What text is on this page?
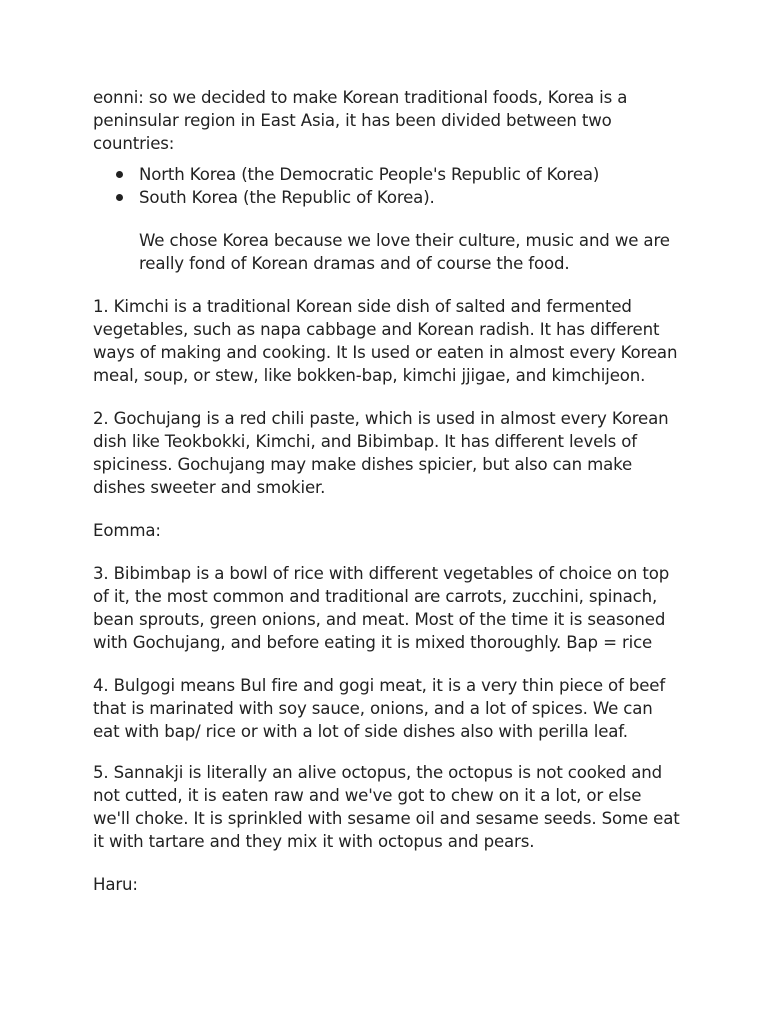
eonni: so we decided to make Korean traditional foods, Korea is a peninsular region in East Asia, it has been divided between two countries:

North Korea (the Democratic People's Republic of Korea)
South Korea (the Republic of Korea).

We chose Korea because we love their culture, music and we are really fond of Korean dramas and of course the food.

1. Kimchi is a traditional Korean side dish of salted and fermented vegetables, such as napa cabbage and Korean radish. It has different ways of making and cooking. It Is used or eaten in almost every Korean meal, soup, or stew, like bokken-bap, kimchi jjigae, and kimchijeon.

2. Gochujang is a red chili paste, which is used in almost every Korean dish like Teokbokki, Kimchi, and Bibimbap. It has different levels of spiciness. Gochujang may make dishes spicier, but also can make dishes sweeter and smokier.

Eomma:

3. Bibimbap is a bowl of rice with different vegetables of choice on top of it, the most common and traditional are carrots, zucchini, spinach, bean sprouts, green onions, and meat. Most of the time it is seasoned with Gochujang, and before eating it is mixed thoroughly. Bap = rice

4. Bulgogi means Bul fire and gogi meat, it is a very thin piece of beef that is marinated with soy sauce, onions, and a lot of spices. We can eat with bap/ rice or with a lot of side dishes also with perilla leaf.

5. Sannakji is literally an alive octopus, the octopus is not cooked and not cutted, it is eaten raw and we've got to chew on it a lot, or else we'll choke. It is sprinkled with sesame oil and sesame seeds. Some eat it with tartare and they mix it with octopus and pears.

Haru:
